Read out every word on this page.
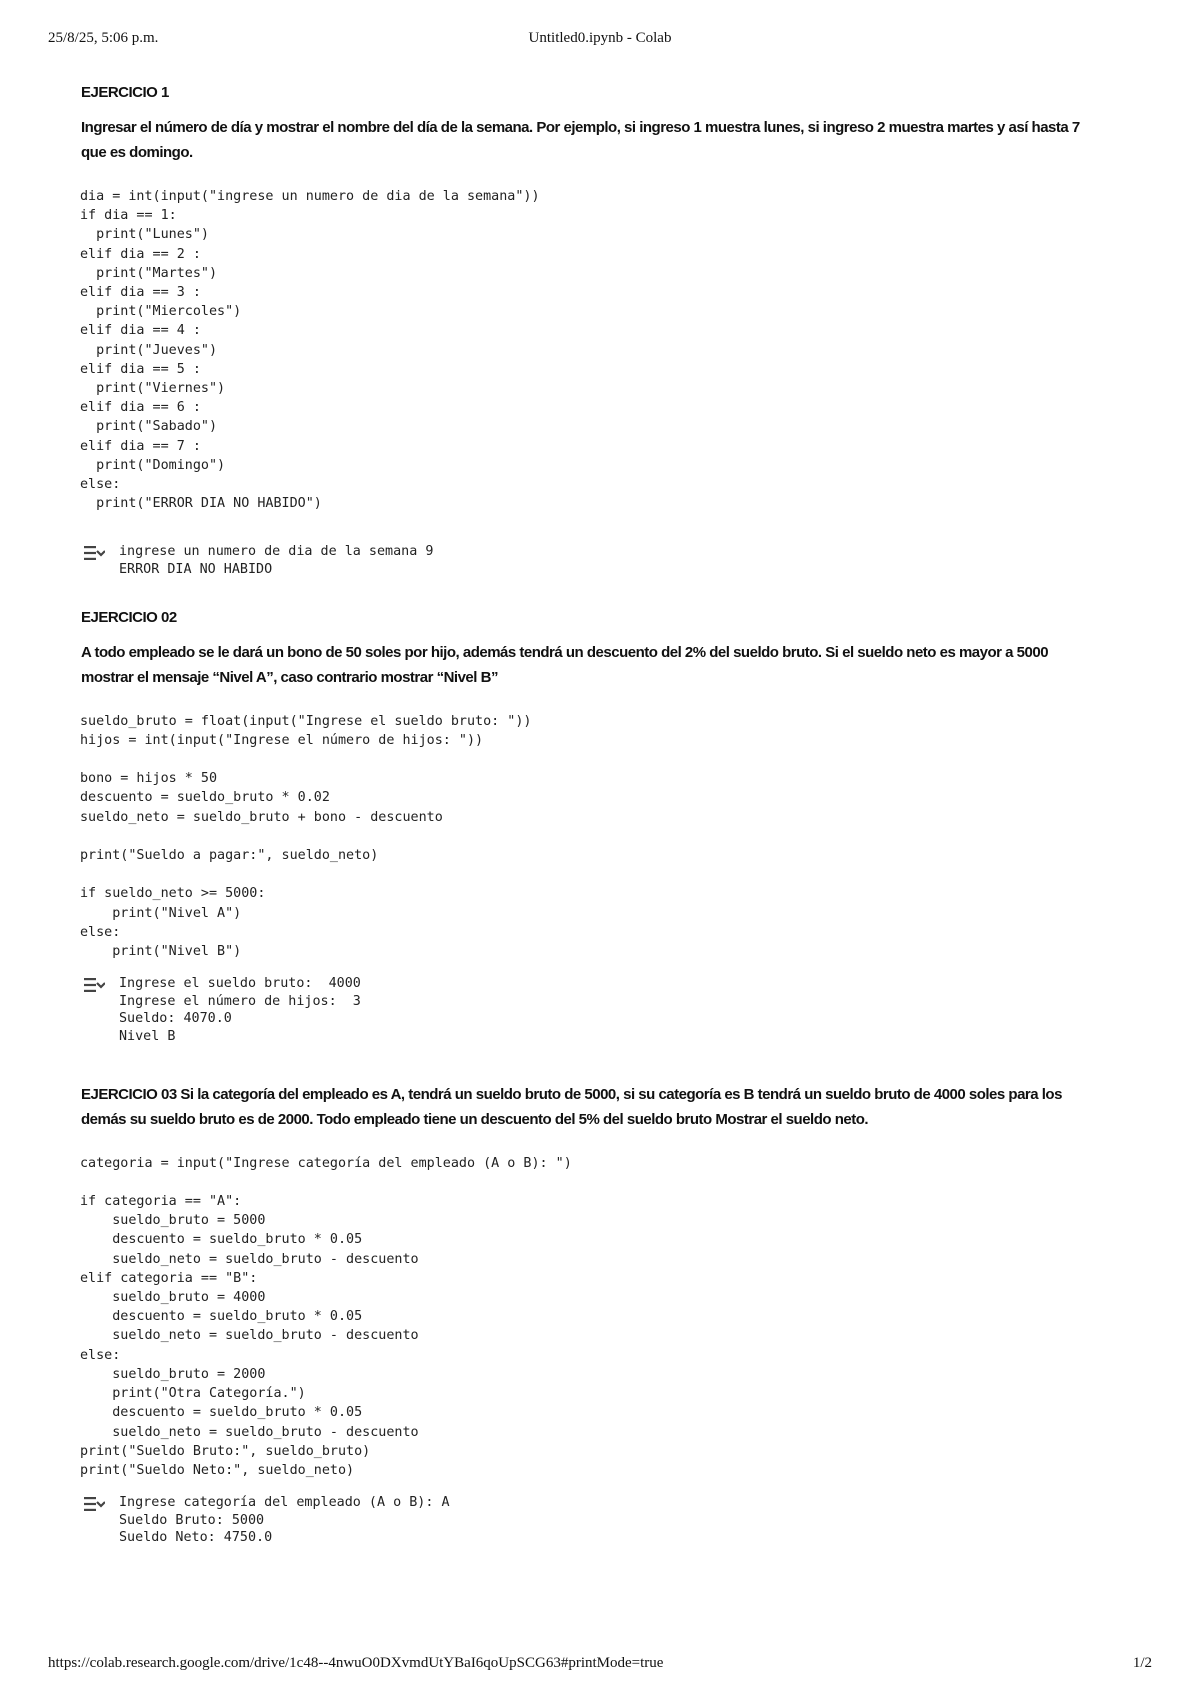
25/8/25, 5:06 p.m.	Untitled0.ipynb - Colab
EJERCICIO 1
Ingresar el número de día y mostrar el nombre del día de la semana. Por ejemplo, si ingreso 1 muestra lunes, si ingreso 2 muestra martes y así hasta 7 que es domingo.
dia = int(input("ingrese un numero de dia de la semana"))
if dia == 1:
print("Lunes")
elif dia == 2 :
print("Martes")
elif dia == 3 :
print("Miercoles")
elif dia == 4 :
print("Jueves")
elif dia == 5 :
print("Viernes")
elif dia == 6 :
print("Sabado")
elif dia == 7 :
print("Domingo")
else:
print("ERROR DIA NO HABIDO")
ingrese un numero de dia de la semana 9
ERROR DIA NO HABIDO
EJERCICIO 02
A todo empleado se le dará un bono de 50 soles por hijo, además tendrá un descuento del 2% del sueldo bruto. Si el sueldo neto es mayor a 5000 mostrar el mensaje “Nivel A”, caso contrario mostrar “Nivel B”
sueldo_bruto = float(input("Ingrese el sueldo bruto: "))
hijos = int(input("Ingrese el número de hijos: "))

bono = hijos * 50
descuento = sueldo_bruto * 0.02
sueldo_neto = sueldo_bruto + bono - descuento

print("Sueldo a pagar:", sueldo_neto)

if sueldo_neto >= 5000:
print("Nivel A")
else:
print("Nivel B")
Ingrese el sueldo bruto:  4000
Ingrese el número de hijos:  3
Sueldo: 4070.0
Nivel B
EJERCICIO 03 Si la categoría del empleado es A, tendrá un sueldo bruto de 5000, si su categoría es B tendrá un sueldo bruto de 4000 soles para los demás su sueldo bruto es de 2000. Todo empleado tiene un descuento del 5% del sueldo bruto Mostrar el sueldo neto.
categoria = input("Ingrese categoría del empleado (A o B): ")

if categoria == "A":
sueldo_bruto = 5000
descuento = sueldo_bruto * 0.05
sueldo_neto = sueldo_bruto - descuento
elif categoria == "B":
sueldo_bruto = 4000
descuento = sueldo_bruto * 0.05
sueldo_neto = sueldo_bruto - descuento
else:
sueldo_bruto = 2000
print("Otra Categoría.")
descuento = sueldo_bruto * 0.05
sueldo_neto = sueldo_bruto - descuento
print("Sueldo Bruto:", sueldo_bruto)
print("Sueldo Neto:", sueldo_neto)
Ingrese categoría del empleado (A o B): A
Sueldo Bruto: 5000
Sueldo Neto: 4750.0
https://colab.research.google.com/drive/1c48--4nwuO0DXvmdUtYBaI6qoUpSCG63#printMode=true	1/2
